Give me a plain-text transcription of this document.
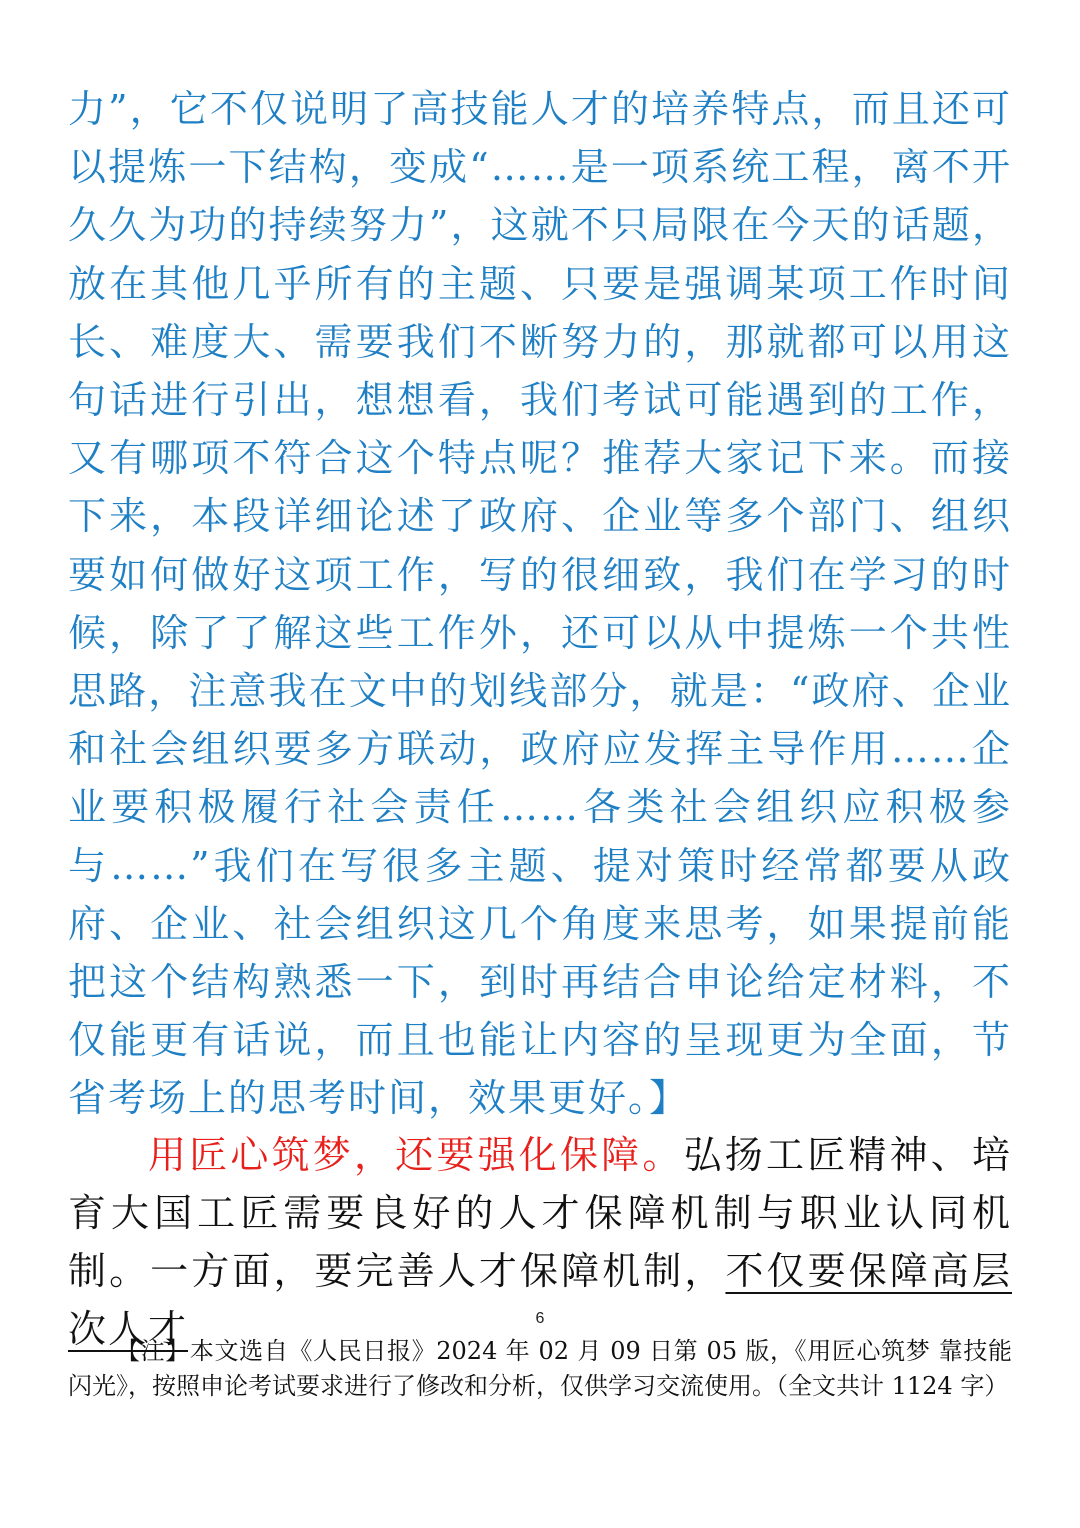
力”，它不仅说明了高技能人才的培养特点，而且还可以提炼一下结构，变成“……是一项系统工程，离不开久久为功的持续努力”，这就不只局限在今天的话题，放在其他几乎所有的主题、只要是强调某项工作时间长、难度大、需要我们不断努力的，那就都可以用这句话进行引出，想想看，我们考试可能遇到的工作，又有哪项不符合这个特点呢？推荐大家记下来。而接下来，本段详细论述了政府、企业等多个部门、组织要如何做好这项工作，写的很细致，我们在学习的时候，除了了解这些工作外，还可以从中提炼一个共性思路，注意我在文中的划线部分，就是：“政府、企业和社会组织要多方联动，政府应发挥主导作用……企业要积极履行社会责任……各类社会组织应积极参与……”我们在写很多主题、提对策时经常都要从政府、企业、社会组织这几个角度来思考，如果提前能把这个结构熟悉一下，到时再结合申论给定材料，不仅能更有话说，而且也能让内容的呈现更为全面，节省考场上的思考时间，效果更好。】

用匠心筑梦，还要强化保障。弘扬工匠精神、培育大国工匠需要良好的人才保障机制与职业认同机制。一方面，要完善人才保障机制，不仅要保障高层次人才	6

【注】本文选自《人民日报》2024 年 02 月 09 日第 05 版，《用匠心筑梦 靠技能闪光》，按照申论考试要求进行了修改和分析，仅供学习交流使用。（全文共计 1124 字）
